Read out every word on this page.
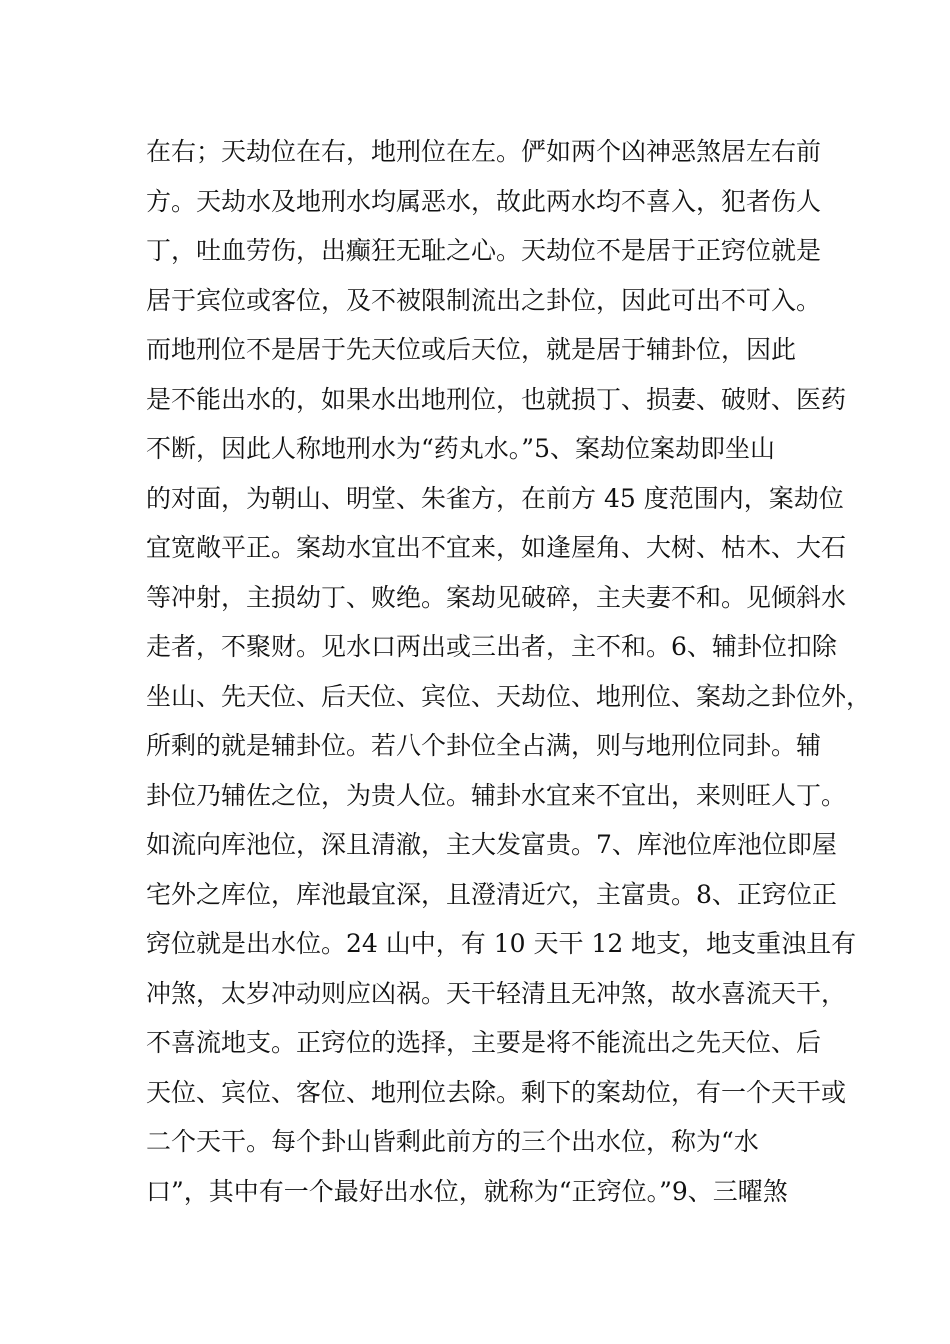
在右；天劫位在右，地刑位在左。俨如两个凶神恶煞居左右前
方。天劫水及地刑水均属恶水，故此两水均不喜入，犯者伤人
丁，吐血劳伤，出癫狂无耻之心。天劫位不是居于正窍位就是
居于宾位或客位，及不被限制流出之卦位，因此可出不可入。
而地刑位不是居于先天位或后天位，就是居于辅卦位，因此
是不能出水的，如果水出地刑位，也就损丁、损妻、破财、医药
不断，因此人称地刑水为“药丸水。”5、案劫位案劫即坐山
的对面，为朝山、明堂、朱雀方，在前方 45 度范围内，案劫位
宜宽敞平正。案劫水宜出不宜来，如逢屋角、大树、枯木、大石
等冲射，主损幼丁、败绝。案劫见破碎，主夫妻不和。见倾斜水
走者，不聚财。见水口两出或三出者，主不和。6、辅卦位扣除
坐山、先天位、后天位、宾位、天劫位、地刑位、案劫之卦位外，
所剩的就是辅卦位。若八个卦位全占满，则与地刑位同卦。辅
卦位乃辅佐之位，为贵人位。辅卦水宜来不宜出，来则旺人丁。
如流向库池位，深且清澈，主大发富贵。7、库池位库池位即屋
宅外之库位，库池最宜深，且澄清近穴，主富贵。8、正窍位正
窍位就是出水位。24 山中，有 10 天干 12 地支，地支重浊且有
冲煞，太岁冲动则应凶祸。天干轻清且无冲煞，故水喜流天干，
不喜流地支。正窍位的选择，主要是将不能流出之先天位、后
天位、宾位、客位、地刑位去除。剩下的案劫位，有一个天干或
二个天干。每个卦山皆剩此前方的三个出水位，称为“水
口”，其中有一个最好出水位，就称为“正窍位。”9、三曜煞
